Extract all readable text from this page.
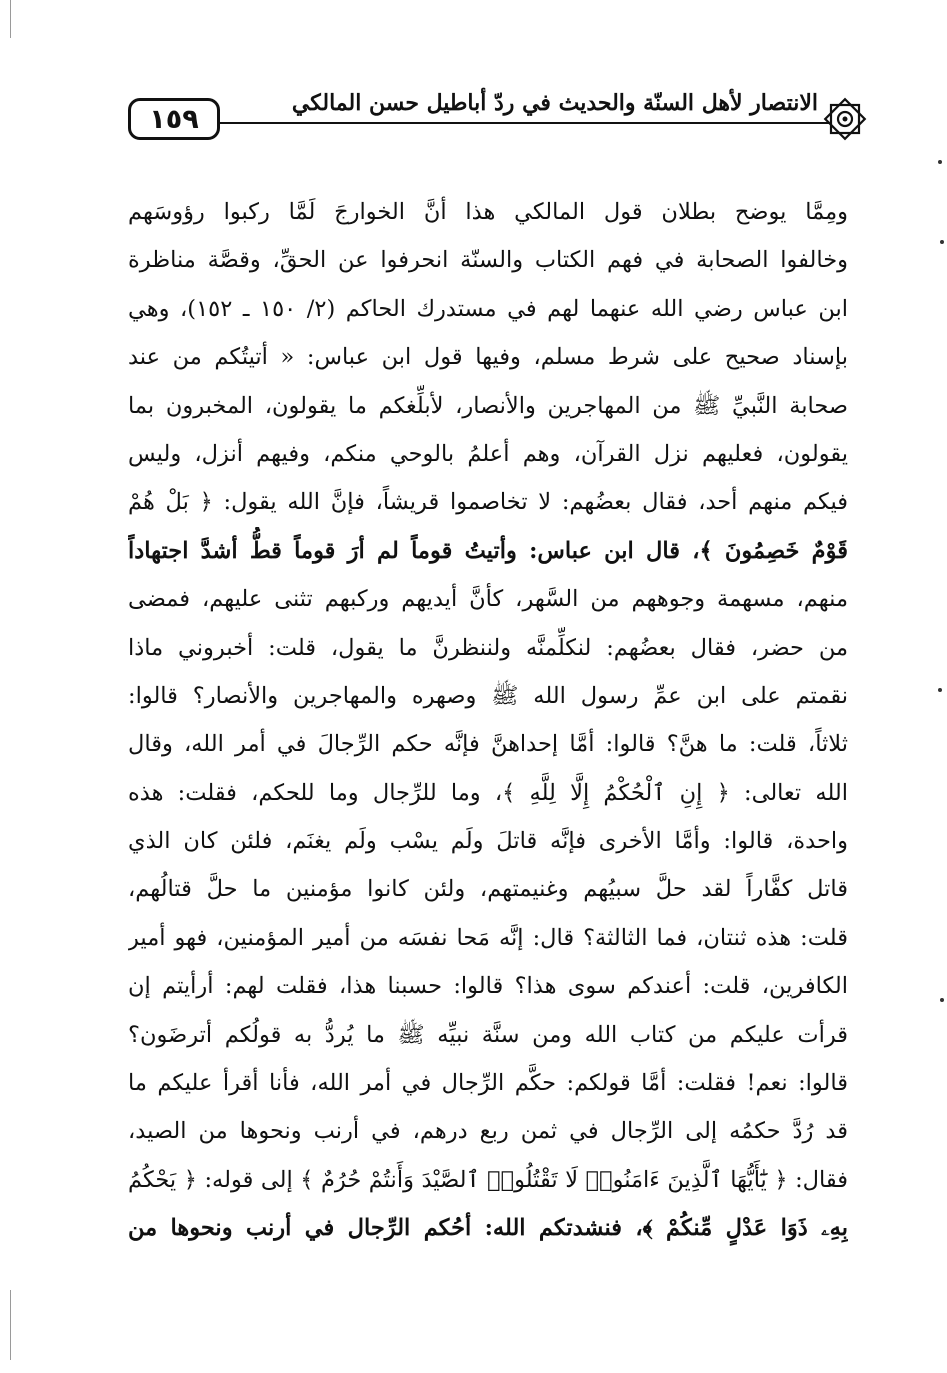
١٥٩
الانتصار لأهل السنّة والحديث في ردّ أباطيل حسن المالكي
ومِمَّا يوضح بطلان قول المالكي هذا أنَّ الخوارجَ لَمَّا ركبوا رؤوسَهم
وخالفوا الصحابة في فهم الكتاب والسنّة انحرفوا عن الحقِّ، وقصَّة مناظرة
ابن عباس رضي الله عنهما لهم في مستدرك الحاكم (٢/ ١٥٠ ـ ١٥٢)، وهي
بإسناد صحيح على شرط مسلم، وفيها قول ابن عباس: « أتيتُكم من عند
صحابة النَّبيِّ ﷺ من المهاجرين والأنصار، لأبلِّغكم ما يقولون، المخبرون بما
يقولون، فعليهم نزل القرآن، وهم أعلمُ بالوحي منكم، وفيهم أنزل، وليس
فيكم منهم أحد، فقال بعضُهم: لا تخاصموا قريشاً، فإنَّ الله يقول: ﴿ بَلْ هُمْ
قَوْمٌ خَصِمُونَ ﴾، قال ابن عباس: وأتيتُ قوماً لم أرَ قوماً قطُّ أشدَّ اجتهاداً
منهم، مسهمة وجوههم من السَّهر، كأنَّ أيديهم وركبهم تثنى عليهم، فمضى
من حضر، فقال بعضُهم: لنكلِّمنَّه ولننظرنَّ ما يقول، قلت: أخبروني ماذا
نقمتم على ابن عمِّ رسول الله ﷺ وصهره والمهاجرين والأنصار؟ قالوا:
ثلاثاً، قلت: ما هنَّ؟ قالوا: أمَّا إحداهنَّ فإنَّه حكم الرِّجالَ في أمر الله، وقال
الله تعالى: ﴿ إِنِ ٱلْحُكْمُ إِلَّا لِلَّهِ ﴾، وما للرِّجال وما للحكم، فقلت: هذه
واحدة، قالوا: وأمَّا الأخرى فإنَّه قاتلَ ولَم يسْب ولَم يغنَم، فلئن كان الذي
قاتل كفَّاراً لقد حلَّ سبيُهم وغنيمتهم، ولئن كانوا مؤمنين ما حلَّ قتالُهم،
قلت: هذه ثنتان، فما الثالثة؟ قال: إنَّه مَحا نفسَه من أمير المؤمنين، فهو أمير
الكافرين، قلت: أعندكم سوى هذا؟ قالوا: حسبنا هذا، فقلت لهم: أرأيتم إن
قرأت عليكم من كتاب الله ومن سنَّة نبيِّه ﷺ ما يُردُّ به قولُكم أترضَون؟
قالوا: نعم! فقلت: أمَّا قولكم: حكَّم الرِّجال في أمر الله، فأنا أقرأ عليكم ما
قد رُدَّ حكمُه إلى الرِّجال في ثمن ربع درهم، في أرنب ونحوها من الصيد،
فقال: ﴿ يَٰٓأَيُّهَا ٱلَّذِينَ ءَامَنُوا۟ لَا تَقْتُلُوا۟ ٱلصَّيْدَ وَأَنتُمْ حُرُمٌ ﴾ إلى قوله: ﴿ يَحْكُمُ
بِهِۦ ذَوَا عَدْلٍ مِّنكُمْ ﴾، فنشدتكم الله: أحُكم الرِّجال في أرنب ونحوها من
